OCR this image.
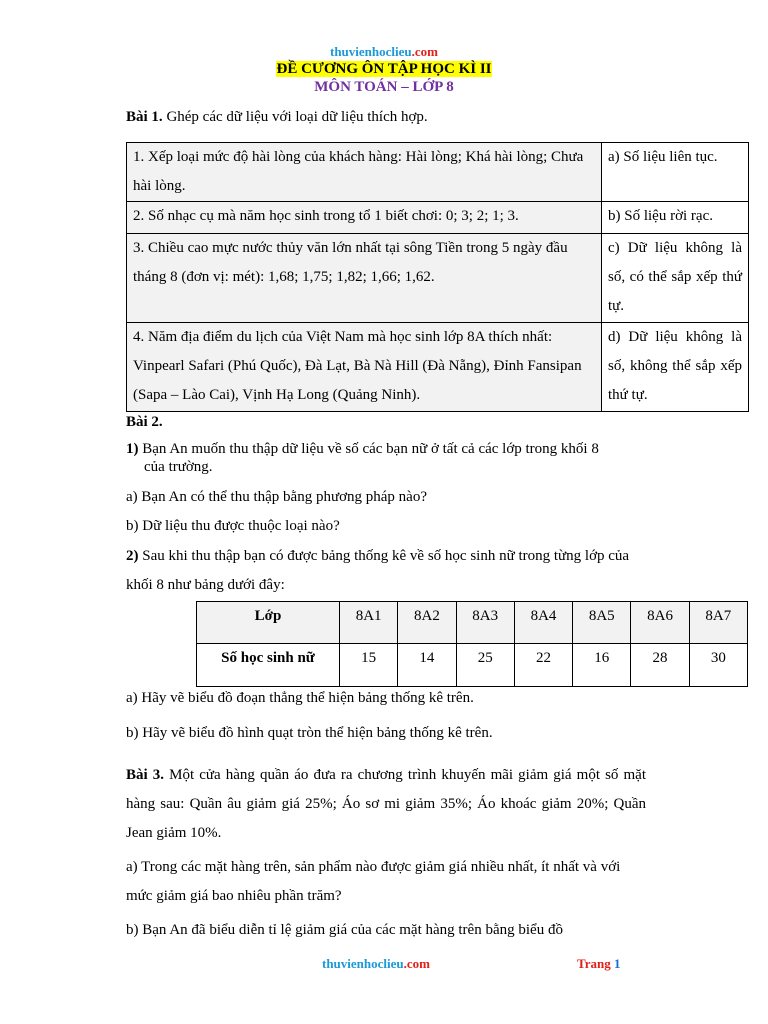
thuvienhoclieu.com
ĐỀ CƯƠNG ÔN TẬP HỌC KÌ II
MÔN TOÁN – LỚP 8
Bài 1. Ghép các dữ liệu với loại dữ liệu thích hợp.
1. Xếp loại mức độ hài lòng của khách hàng: Hài lòng; Khá hài lòng; Chưa hài lòng.	a) Số liệu liên tục.
2. Số nhạc cụ mà năm học sinh trong tổ 1 biết chơi: 0; 3; 2; 1; 3.	b) Số liệu rời rạc.
3. Chiều cao mực nước thủy văn lớn nhất tại sông Tiền trong 5 ngày đầu tháng 8 (đơn vị: mét): 1,68; 1,75; 1,82; 1,66; 1,62.	c) Dữ liệu không là số, có thể sắp xếp thứ tự.
4. Năm địa điểm du lịch của Việt Nam mà học sinh lớp 8A thích nhất: Vinpearl Safari (Phú Quốc), Đà Lạt, Bà Nà Hill (Đà Nẵng), Đỉnh Fansipan (Sapa – Lào Cai), Vịnh Hạ Long (Quảng Ninh).	d) Dữ liệu không là số, không thể sắp xếp thứ tự.
Bài 2.
1) Bạn An muốn thu thập dữ liệu về số các bạn nữ ở tất cả các lớp trong khối 8
của trường.
a) Bạn An có thể thu thập bằng phương pháp nào?
b) Dữ liệu thu được thuộc loại nào?
2) Sau khi thu thập bạn có được bảng thống kê về số học sinh nữ trong từng lớp của khối 8 như bảng dưới đây:
Lớp	8A1	8A2	8A3	8A4	8A5	8A6	8A7
Số học sinh nữ	15	14	25	22	16	28	30
a) Hãy vẽ biểu đồ đoạn thẳng thể hiện bảng thống kê trên.
b) Hãy vẽ biểu đồ hình quạt tròn thể hiện bảng thống kê trên.
Bài 3. Một cửa hàng quần áo đưa ra chương trình khuyến mãi giảm giá một số mặt hàng sau: Quần âu giảm giá 25%; Áo sơ mi giảm 35%; Áo khoác giảm 20%; Quần Jean giảm 10%.
a) Trong các mặt hàng trên, sản phẩm nào được giảm giá nhiều nhất, ít nhất và với mức giảm giá bao nhiêu phần trăm?
b) Bạn An đã biểu diễn tỉ lệ giảm giá của các mặt hàng trên bằng biểu đồ
thuvienhoclieu.com	Trang 1
